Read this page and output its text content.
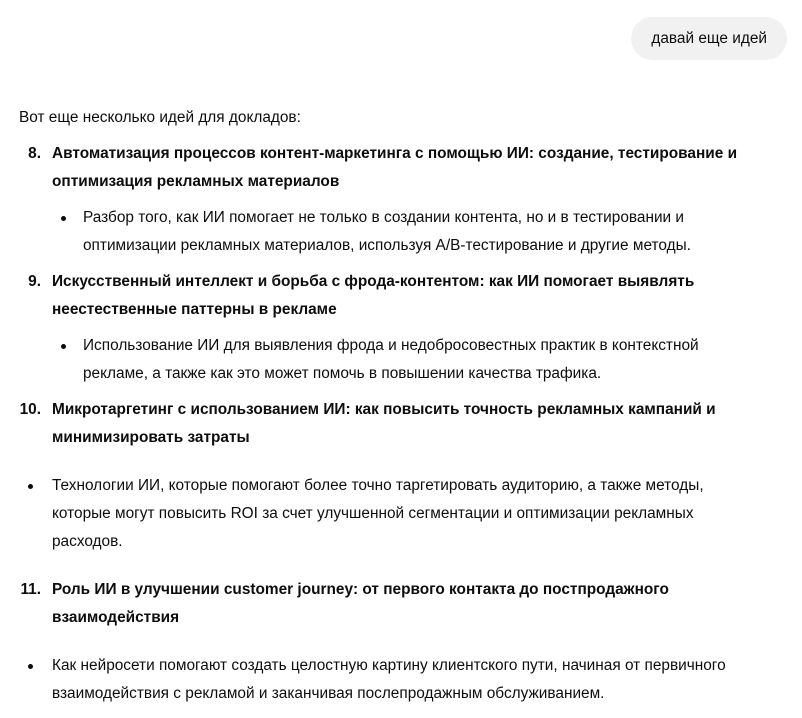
давай еще идей

Вот еще несколько идей для докладов:

8. Автоматизация процессов контент-маркетинга с помощью ИИ: создание, тестирование и
оптимизация рекламных материалов
Разбор того, как ИИ помогает не только в создании контента, но и в тестировании и
оптимизации рекламных материалов, используя A/B-тестирование и другие методы.
9. Искусственный интеллект и борьба с фрода-контентом: как ИИ помогает выявлять
неестественные паттерны в рекламе
Использование ИИ для выявления фрода и недобросовестных практик в контекстной
рекламе, а также как это может помочь в повышении качества трафика.
10. Микротаргетинг с использованием ИИ: как повысить точность рекламных кампаний и
минимизировать затраты
Технологии ИИ, которые помогают более точно таргетировать аудиторию, а также методы,
которые могут повысить ROI за счет улучшенной сегментации и оптимизации рекламных
расходов.
11. Роль ИИ в улучшении customer journey: от первого контакта до постпродажного
взаимодействия
Как нейросети помогают создать целостную картину клиентского пути, начиная от первичного
взаимодействия с рекламой и заканчивая послепродажным обслуживанием.
